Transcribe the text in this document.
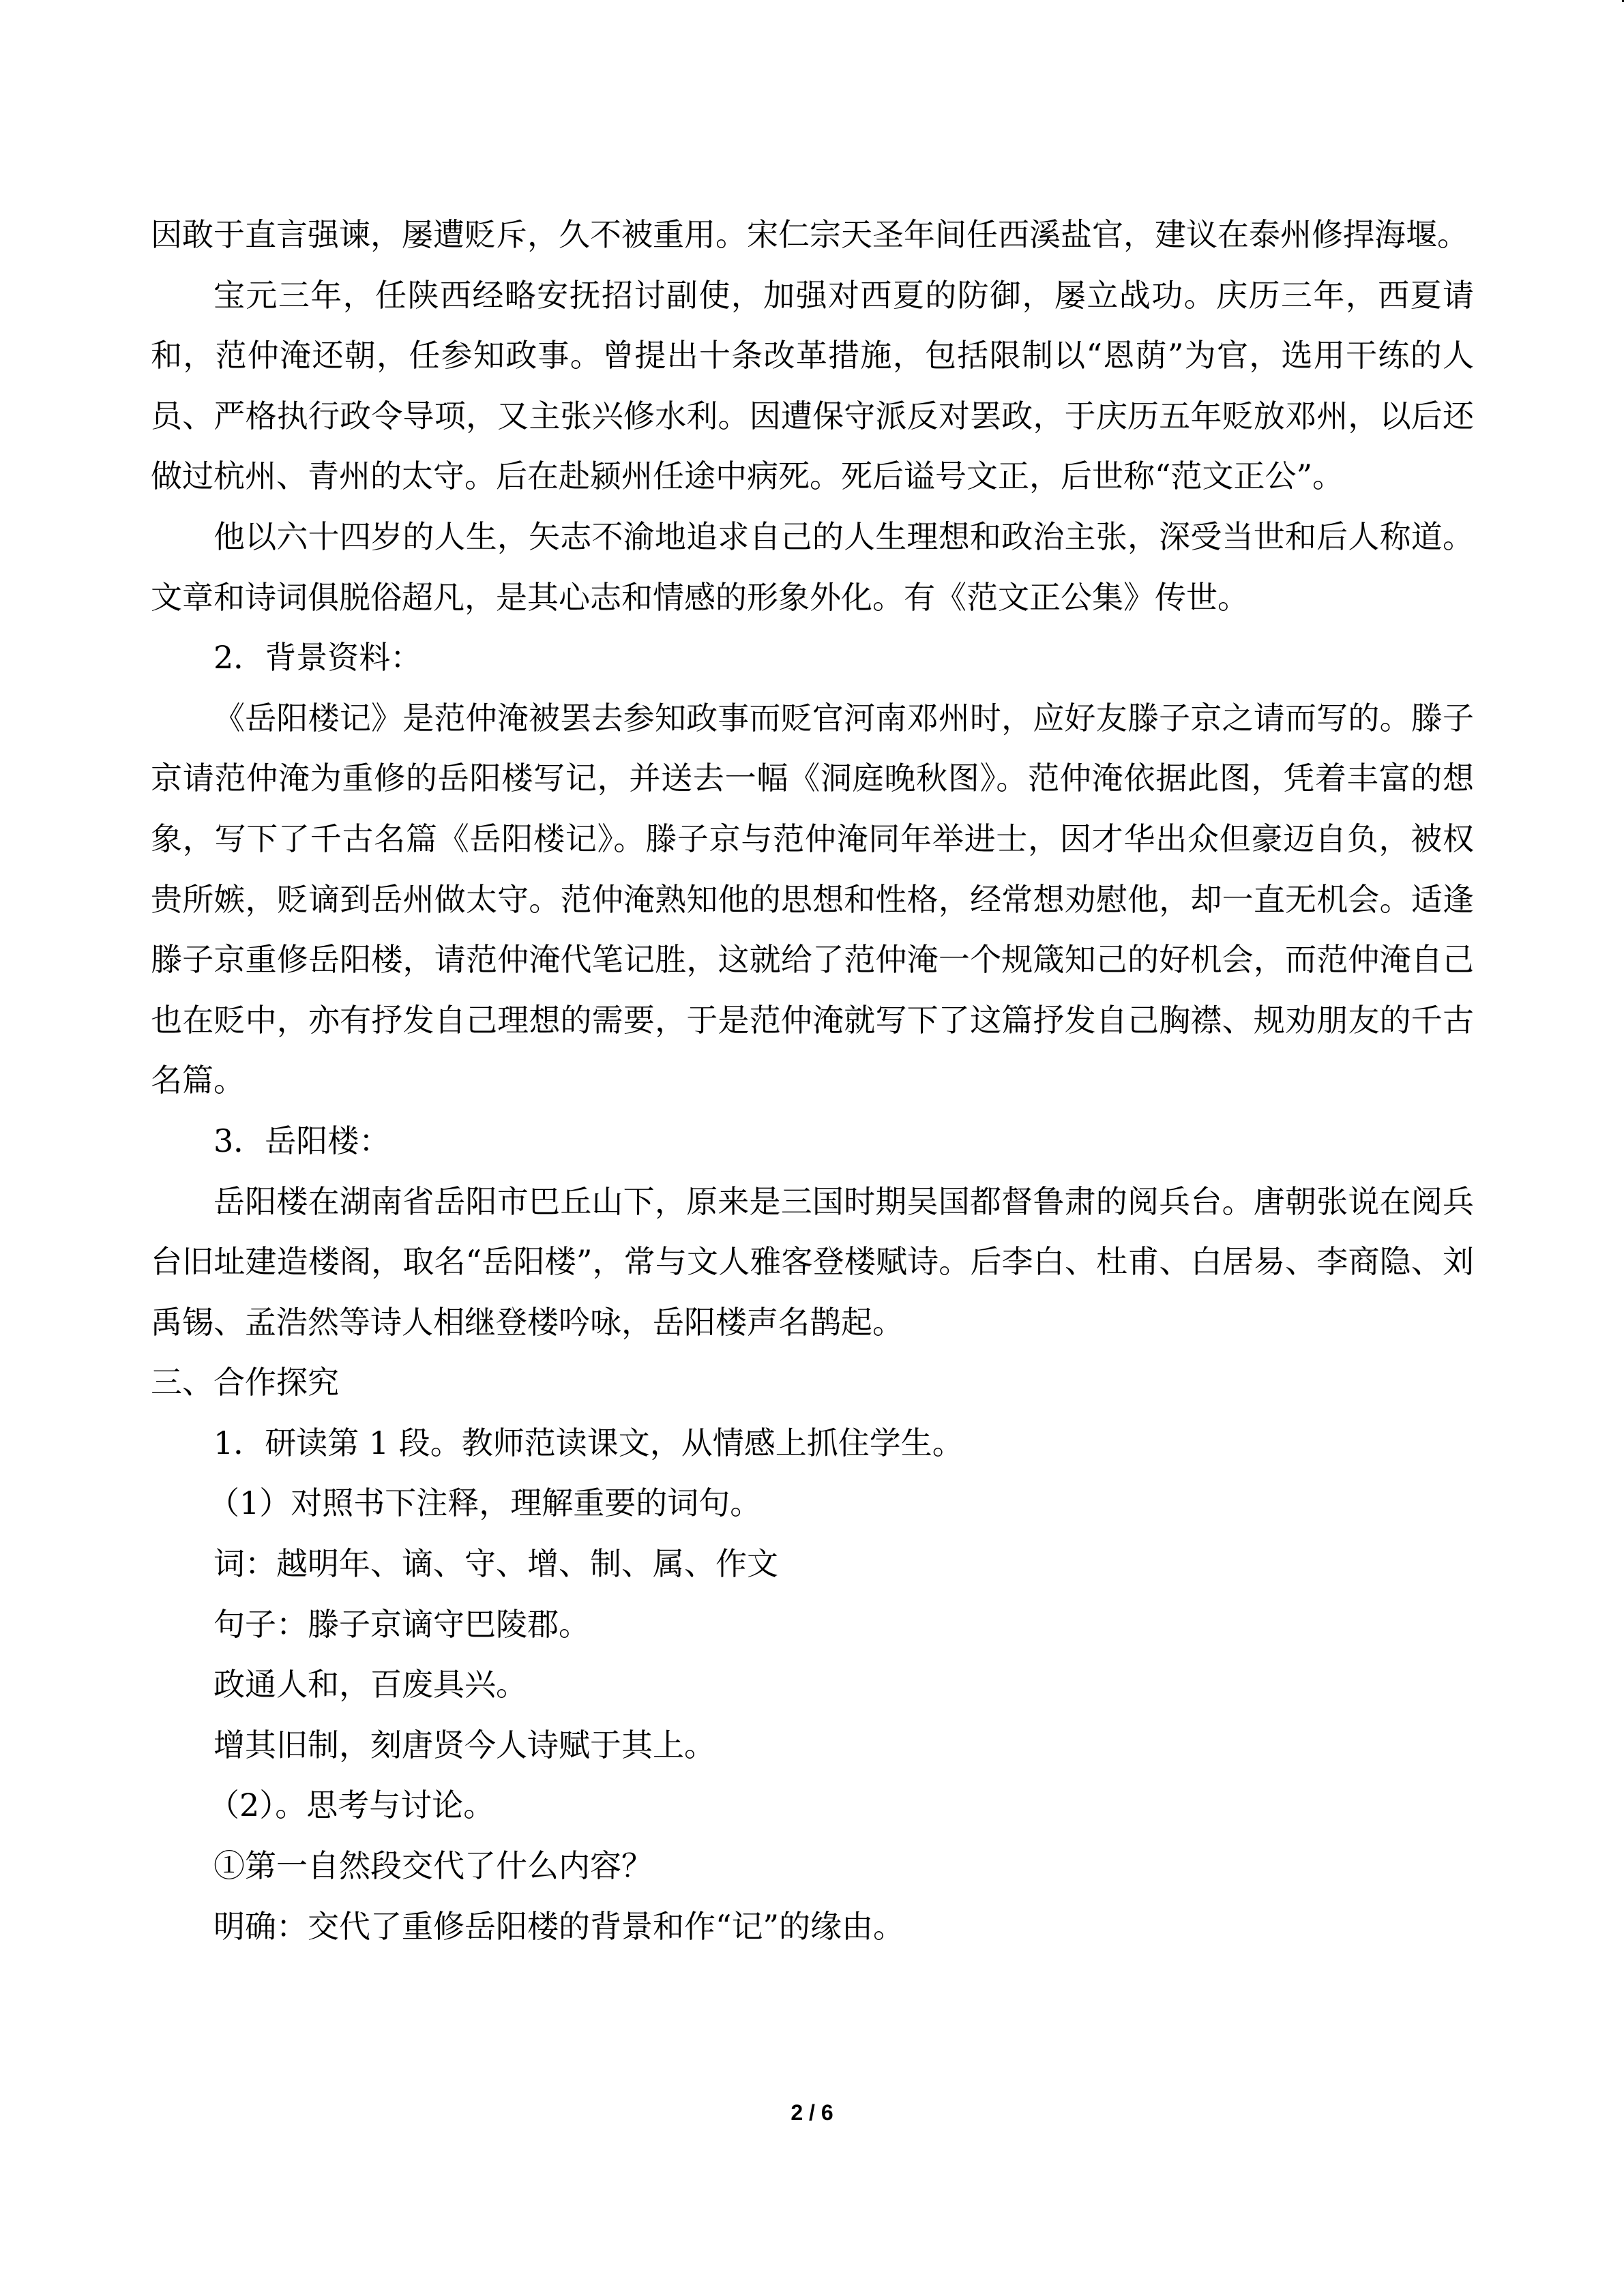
因敢于直言强谏，屡遭贬斥，久不被重用。宋仁宗天圣年间任西溪盐官，建议在泰州修捍海堰。

宝元三年，任陕西经略安抚招讨副使，加强对西夏的防御，屡立战功。庆历三年，西夏请和，范仲淹还朝，任参知政事。曾提出十条改革措施，包括限制以“恩荫”为官，选用干练的人员、严格执行政令导项，又主张兴修水利。因遭保守派反对罢政，于庆历五年贬放邓州，以后还做过杭州、青州的太守。后在赴颍州任途中病死。死后谥号文正，后世称“范文正公”。

他以六十四岁的人生，矢志不渝地追求自己的人生理想和政治主张，深受当世和后人称道。文章和诗词俱脱俗超凡，是其心志和情感的形象外化。有《范文正公集》传世。

2．背景资料：

《岳阳楼记》是范仲淹被罢去参知政事而贬官河南邓州时，应好友滕子京之请而写的。滕子京请范仲淹为重修的岳阳楼写记，并送去一幅《洞庭晚秋图》。范仲淹依据此图，凭着丰富的想象，写下了千古名篇《岳阳楼记》。滕子京与范仲淹同年举进士，因才华出众但豪迈自负，被权贵所嫉，贬谪到岳州做太守。范仲淹熟知他的思想和性格，经常想劝慰他，却一直无机会。适逢滕子京重修岳阳楼，请范仲淹代笔记胜，这就给了范仲淹一个规箴知己的好机会，而范仲淹自己也在贬中，亦有抒发自己理想的需要，于是范仲淹就写下了这篇抒发自己胸襟、规劝朋友的千古名篇。

3．岳阳楼：

岳阳楼在湖南省岳阳市巴丘山下，原来是三国时期吴国都督鲁肃的阅兵台。唐朝张说在阅兵台旧址建造楼阁，取名“岳阳楼”，常与文人雅客登楼赋诗。后李白、杜甫、白居易、李商隐、刘禹锡、孟浩然等诗人相继登楼吟咏，岳阳楼声名鹊起。

三、合作探究

1．研读第 1 段。教师范读课文，从情感上抓住学生。

（1）对照书下注释，理解重要的词句。

词：越明年、谪、守、增、制、属、作文

句子：滕子京谪守巴陵郡。

政通人和，百废具兴。

增其旧制，刻唐贤今人诗赋于其上。

（2）。思考与讨论。

①第一自然段交代了什么内容？

明确：交代了重修岳阳楼的背景和作“记”的缘由。

2 / 6
